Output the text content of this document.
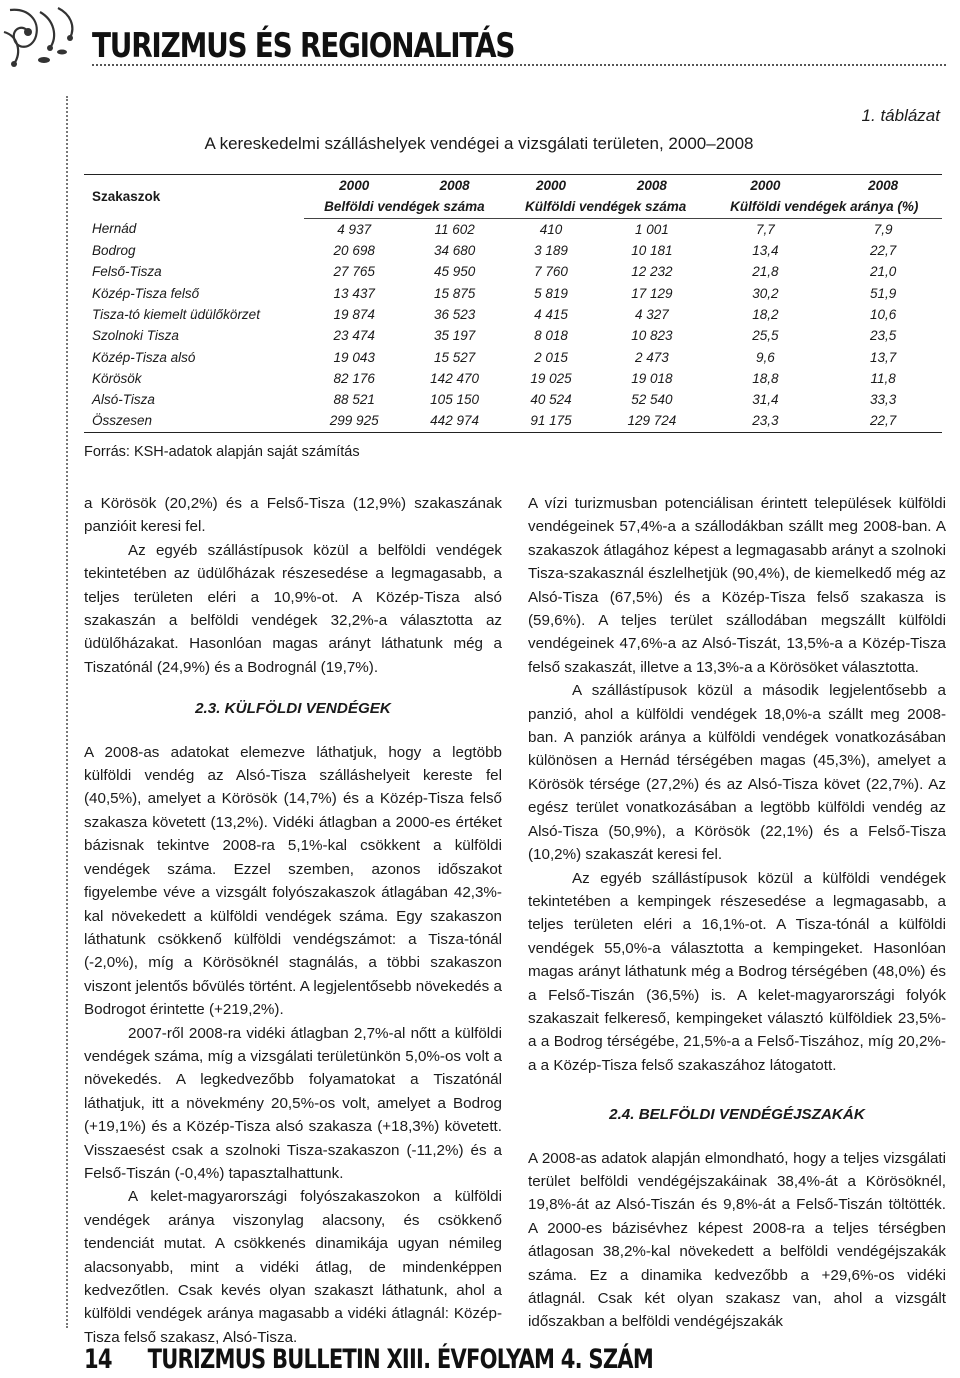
TURIZMUS ÉS REGIONALITÁS
1. táblázat
A kereskedelmi szálláshelyek vendégei a vizsgálati területen, 2000–2008
Szakaszok	2000	2008	2000	2008	2000	2008
	Belföldi vendégek száma		Külföldi vendégek száma		Külföldi vendégek aránya (%)	
Hernád	4 937	11 602	410	1 001	7,7	7,9
Bodrog	20 698	34 680	3 189	10 181	13,4	22,7
Felső-Tisza	27 765	45 950	7 760	12 232	21,8	21,0
Közép-Tisza felső	13 437	15 875	5 819	17 129	30,2	51,9
Tisza-tó kiemelt üdülőkörzet	19 874	36 523	4 415	4 327	18,2	10,6
Szolnoki Tisza	23 474	35 197	8 018	10 823	25,5	23,5
Közép-Tisza alsó	19 043	15 527	2 015	2 473	9,6	13,7
Körösök	82 176	142 470	19 025	19 018	18,8	11,8
Alsó-Tisza	88 521	105 150	40 524	52 540	31,4	33,3
Összesen	299 925	442 974	91 175	129 724	23,3	22,7
Forrás: KSH-adatok alapján saját számítás

a Körösök (20,2%) és a Felső-Tisza (12,9%) szakaszának panzióit keresi fel.

Az egyéb szállástípusok közül a belföldi vendégek tekintetében az üdülőházak részesedése a legmagasabb, a teljes területen eléri a 10,9%-ot. A Közép-Tisza alsó szakaszán a belföldi vendégek 32,2%-a választotta az üdülőházakat. Hasonlóan magas arányt láthatunk még a Tiszatónál (24,9%) és a Bodrognál (19,7%).

2.3. KÜLFÖLDI VENDÉGEK

A 2008-as adatokat elemezve láthatjuk, hogy a legtöbb külföldi vendég az Alsó-Tisza szálláshelyeit kereste fel (40,5%), amelyet a Körösök (14,7%) és a Közép-Tisza felső szakasza követett (13,2%). Vidéki átlagban a 2000-es értéket bázisnak tekintve 2008-ra 5,1%-kal csökkent a külföldi vendégek száma. Ezzel szemben, azonos időszakot figyelembe véve a vizsgált folyószakaszok átlagában 42,3%-kal növekedett a külföldi vendégek száma. Egy szakaszon láthatunk csökkenő külföldi vendégszámot: a Tisza-tónál (-2,0%), míg a Körösöknél stagnálás, a többi szakaszon viszont jelentős bővülés történt. A legjelentősebb növekedés a Bodrogot érintette (+219,2%).

2007-ről 2008-ra vidéki átlagban 2,7%-al nőtt a külföldi vendégek száma, míg a vizsgálati területünkön 5,0%-os volt a növekedés. A legkedvezőbb folyamatokat a Tiszatónál láthatjuk, itt a növekmény 20,5%-os volt, amelyet a Bodrog (+19,1%) és a Közép-Tisza alsó szakasza (+18,3%) követett. Visszaesést csak a szolnoki Tisza-szakaszon (-11,2%) és a Felső-Tiszán (-0,4%) tapasztalhattunk.

A kelet-magyarországi folyószakaszokon a külföldi vendégek aránya viszonylag alacsony, és csökkenő tendenciát mutat. A csökkenés dinamikája ugyan némileg alacsonyabb, mint a vidéki átlag, de mindenképpen kedvezőtlen. Csak kevés olyan szakaszt láthatunk, ahol a külföldi vendégek aránya magasabb a vidéki átlagnál: Közép-Tisza felső szakasz, Alsó-Tisza.

A vízi turizmusban potenciálisan érintett települések külföldi vendégeinek 57,4%-a a szállodákban szállt meg 2008-ban. A szakaszok átlagához képest a legmagasabb arányt a szolnoki Tisza-szakasznál észlelhetjük (90,4%), de kiemelkedő még az Alsó-Tisza (67,5%) és a Közép-Tisza felső szakasza is (59,6%). A teljes terület szállodában megszállt külföldi vendégeinek 47,6%-a az Alsó-Tiszát, 13,5%-a a Közép-Tisza felső szakaszát, illetve a 13,3%-a a Körösöket választotta.

A szállástípusok közül a második legjelentősebb a panzió, ahol a külföldi vendégek 18,0%-a szállt meg 2008-ban. A panziók aránya a külföldi vendégek vonatkozásában különösen a Hernád térségében magas (45,3%), amelyet a Körösök térsége (27,2%) és az Alsó-Tisza követ (22,7%). Az egész terület vonatkozásában a legtöbb külföldi vendég az Alsó-Tisza (50,9%), a Körösök (22,1%) és a Felső-Tisza (10,2%) szakaszát keresi fel.

Az egyéb szállástípusok közül a külföldi vendégek tekintetében a kempingek részesedése a legmagasabb, a teljes területen eléri a 16,1%-ot. A Tisza-tónál a külföldi vendégek 55,0%-a választotta a kempingeket. Hasonlóan magas arányt láthatunk még a Bodrog térségében (48,0%) és a Felső-Tiszán (36,5%) is. A kelet-magyarországi folyók szakaszait felkereső, kempingeket választó külföldiek 23,5%-a a Bodrog térségébe, 21,5%-a a Felső-Tiszához, míg 20,2%-a a Közép-Tisza felső szakaszához látogatott.

2.4. BELFÖLDI VENDÉGÉJSZAKÁK

A 2008-as adatok alapján elmondható, hogy a teljes vizsgálati terület belföldi vendégéjszakáinak 38,4%-át a Körösöknél, 19,8%-át az Alsó-Tiszán és 9,8%-át a Felső-Tiszán töltötték. A 2000-es bázisévhez képest 2008-ra a teljes térségben átlagosan 38,2%-kal növekedett a belföldi vendégéjszakák száma. Ez a dinamika kedvezőbb a +29,6%-os vidéki átlagnál. Csak két olyan szakasz van, ahol a vizsgált időszakban a belföldi vendégéjszakák

14 TURIZMUS BULLETIN XIII. ÉVFOLYAM 4. SZÁM
